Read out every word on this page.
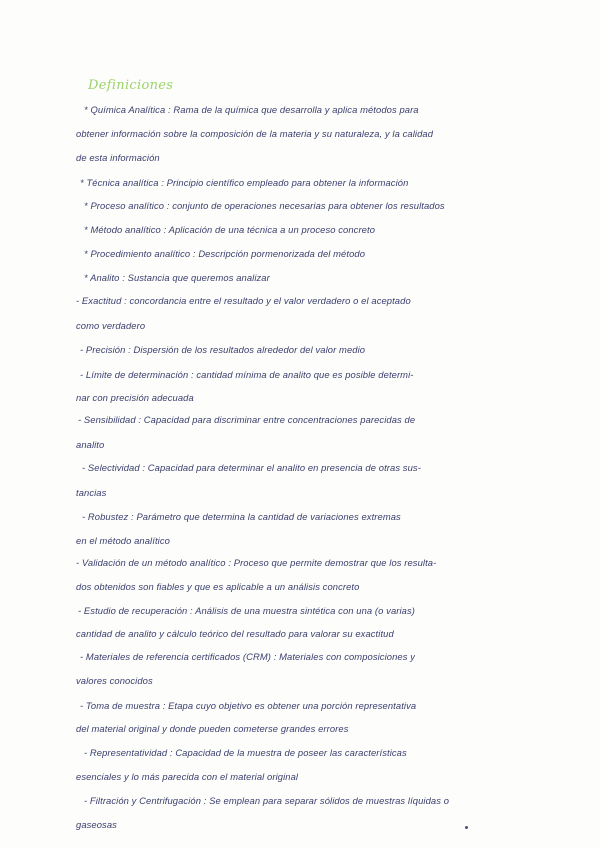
Definiciones
* Química Analítica : Rama de la química que desarrolla y aplica métodos para
obtener información sobre la composición de la materia y su naturaleza, y la calidad
de esta información
* Técnica analítica : Principio científico empleado para obtener la información
* Proceso analítico : conjunto de operaciones necesarias para obtener los resultados
* Método analítico : Aplicación de una técnica a un proceso concreto
* Procedimiento analítico : Descripción pormenorizada del método
* Analito : Sustancia que queremos analizar
- Exactitud : concordancia entre el resultado y el valor verdadero o el aceptado
como verdadero
- Precisión : Dispersión de los resultados alrededor del valor medio
- Límite de determinación : cantidad mínima de analito que es posible determi-
nar con precisión adecuada
- Sensibilidad : Capacidad para discriminar entre concentraciones parecidas de
analito
- Selectividad : Capacidad para determinar el analito en presencia de otras sus-
tancias
- Robustez : Parámetro que determina la cantidad de variaciones extremas
en el método analítico
- Validación de un método analítico : Proceso que permite demostrar que los resulta-
dos obtenidos son fiables y que es aplicable a un análisis concreto
- Estudio de recuperación : Análisis de una muestra sintética con una (o varias)
cantidad de analito y cálculo teórico del resultado para valorar su exactitud
- Materiales de referencia certificados (CRM) : Materiales con composiciones y
valores conocidos
- Toma de muestra : Etapa cuyo objetivo es obtener una porción representativa
del material original y donde pueden cometerse grandes errores
- Representatividad : Capacidad de la muestra de poseer las características
esenciales y lo más parecida con el material original
- Filtración y Centrifugación : Se emplean para separar sólidos de muestras líquidas o
gaseosas
